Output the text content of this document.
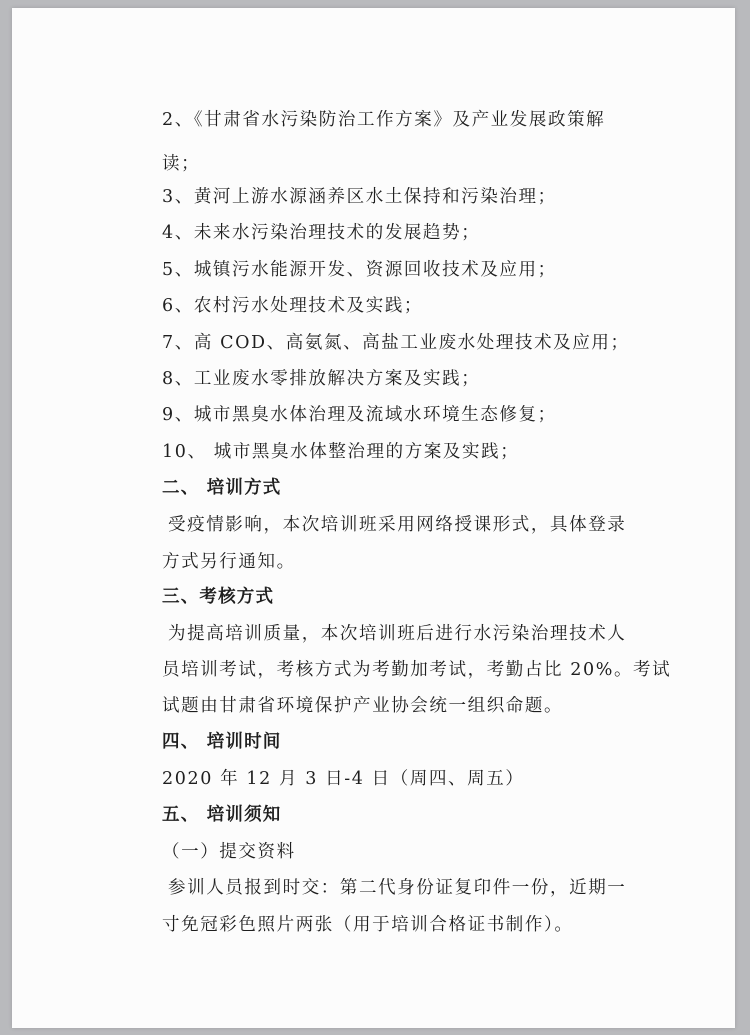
2、《甘肃省水污染防治工作方案》及产业发展政策解
读；
3、黄河上游水源涵养区水土保持和污染治理；
4、未来水污染治理技术的发展趋势；
5、城镇污水能源开发、资源回收技术及应用；
6、农村污水处理技术及实践；
7、高 COD、高氨氮、高盐工业废水处理技术及应用；
8、工业废水零排放解决方案及实践；
9、城市黑臭水体治理及流域水环境生态修复；
10、 城市黑臭水体整治理的方案及实践；
二、 培训方式
受疫情影响，本次培训班采用网络授课形式，具体登录
方式另行通知。
三、考核方式
为提高培训质量，本次培训班后进行水污染治理技术人
员培训考试，考核方式为考勤加考试，考勤占比 20%。考试
试题由甘肃省环境保护产业协会统一组织命题。
四、 培训时间
2020 年 12 月 3 日-4 日（周四、周五）
五、 培训须知
（一）提交资料
参训人员报到时交：第二代身份证复印件一份，近期一
寸免冠彩色照片两张（用于培训合格证书制作）。
